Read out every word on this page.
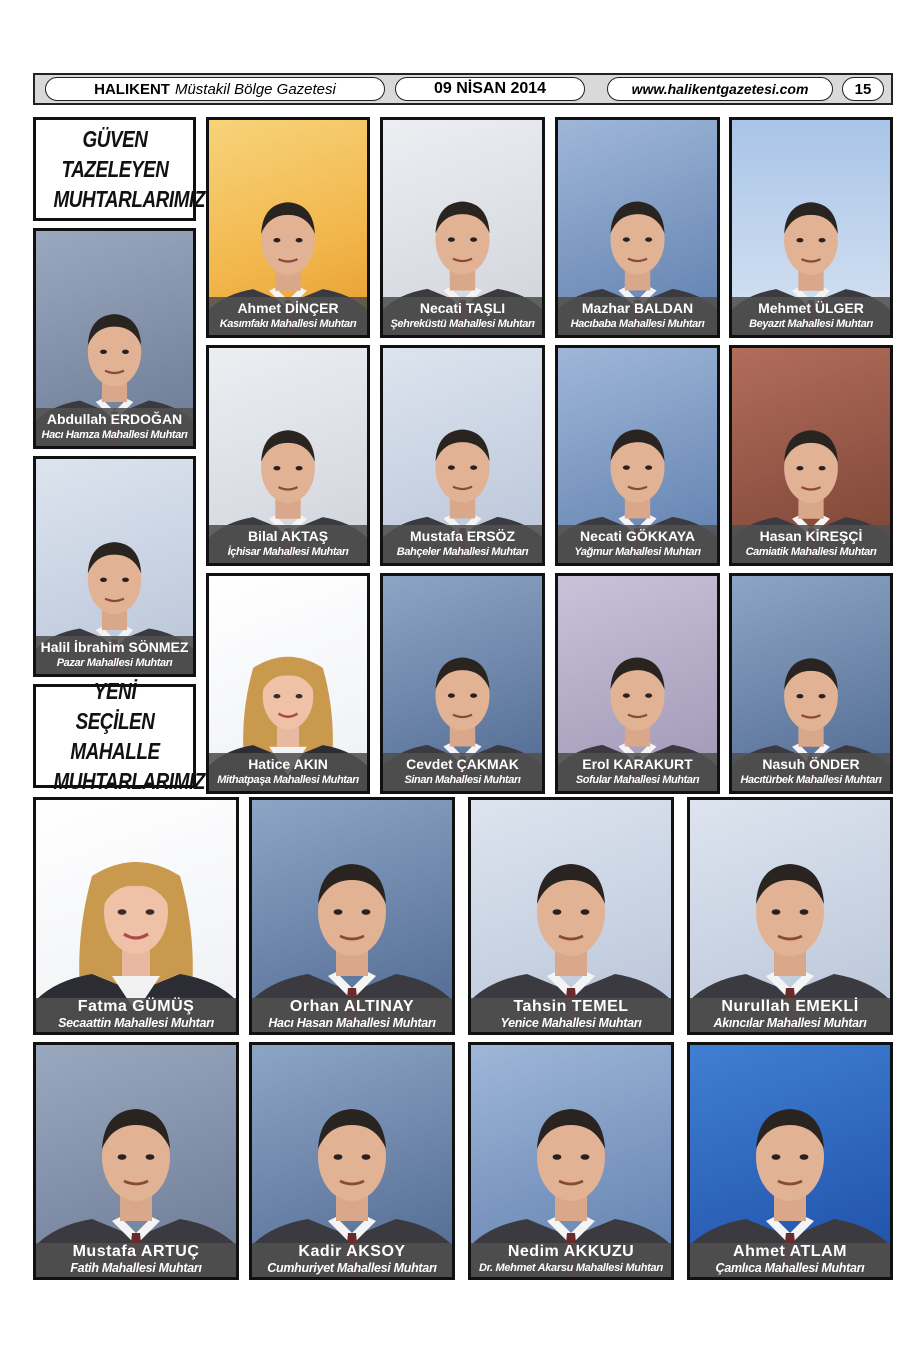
HALIKENT Müstakil Bölge Gazetesi	09 NİSAN 2014	www.halikentgazetesi.com	15
GÜVEN TAZELEYEN MUHTARLARIMIZ
YENİ SEÇİLEN MAHALLE MUHTARLARIMIZ
Abdullah ERDOĞAN
Hacı Hamza Mahallesi Muhtarı
Halil İbrahim SÖNMEZ
Pazar Mahallesi Muhtarı
Ahmet DİNÇER
Kasımfakı Mahallesi Muhtarı
Necati TAŞLI
Şehreküstü Mahallesi Muhtarı
Mazhar BALDAN
Hacıbaba Mahallesi Muhtarı
Mehmet ÜLGER
Beyazıt Mahallesi Muhtarı
Bilal AKTAŞ
İçhisar Mahallesi Muhtarı
Mustafa ERSÖZ
Bahçeler Mahallesi Muhtarı
Necati GÖKKAYA
Yağmur Mahallesi Muhtarı
Hasan KİREŞÇİ
Camiatik Mahallesi Muhtarı
Hatice AKIN
Mithatpaşa Mahallesi Muhtarı
Cevdet ÇAKMAK
Sinan Mahallesi Muhtarı
Erol KARAKURT
Sofular Mahallesi Muhtarı
Nasuh ÖNDER
Hacıtürbek Mahallesi Muhtarı
Fatma GÜMÜŞ
Secaattin Mahallesi Muhtarı
Orhan ALTINAY
Hacı Hasan Mahallesi Muhtarı
Tahsin TEMEL
Yenice Mahallesi Muhtarı
Nurullah EMEKLİ
Akıncılar Mahallesi Muhtarı
Mustafa ARTUÇ
Fatih Mahallesi Muhtarı
Kadir AKSOY
Cumhuriyet Mahallesi Muhtarı
Nedim AKKUZU
Dr. Mehmet Akarsu Mahallesi Muhtarı
Ahmet ATLAM
Çamlıca Mahallesi Muhtarı
